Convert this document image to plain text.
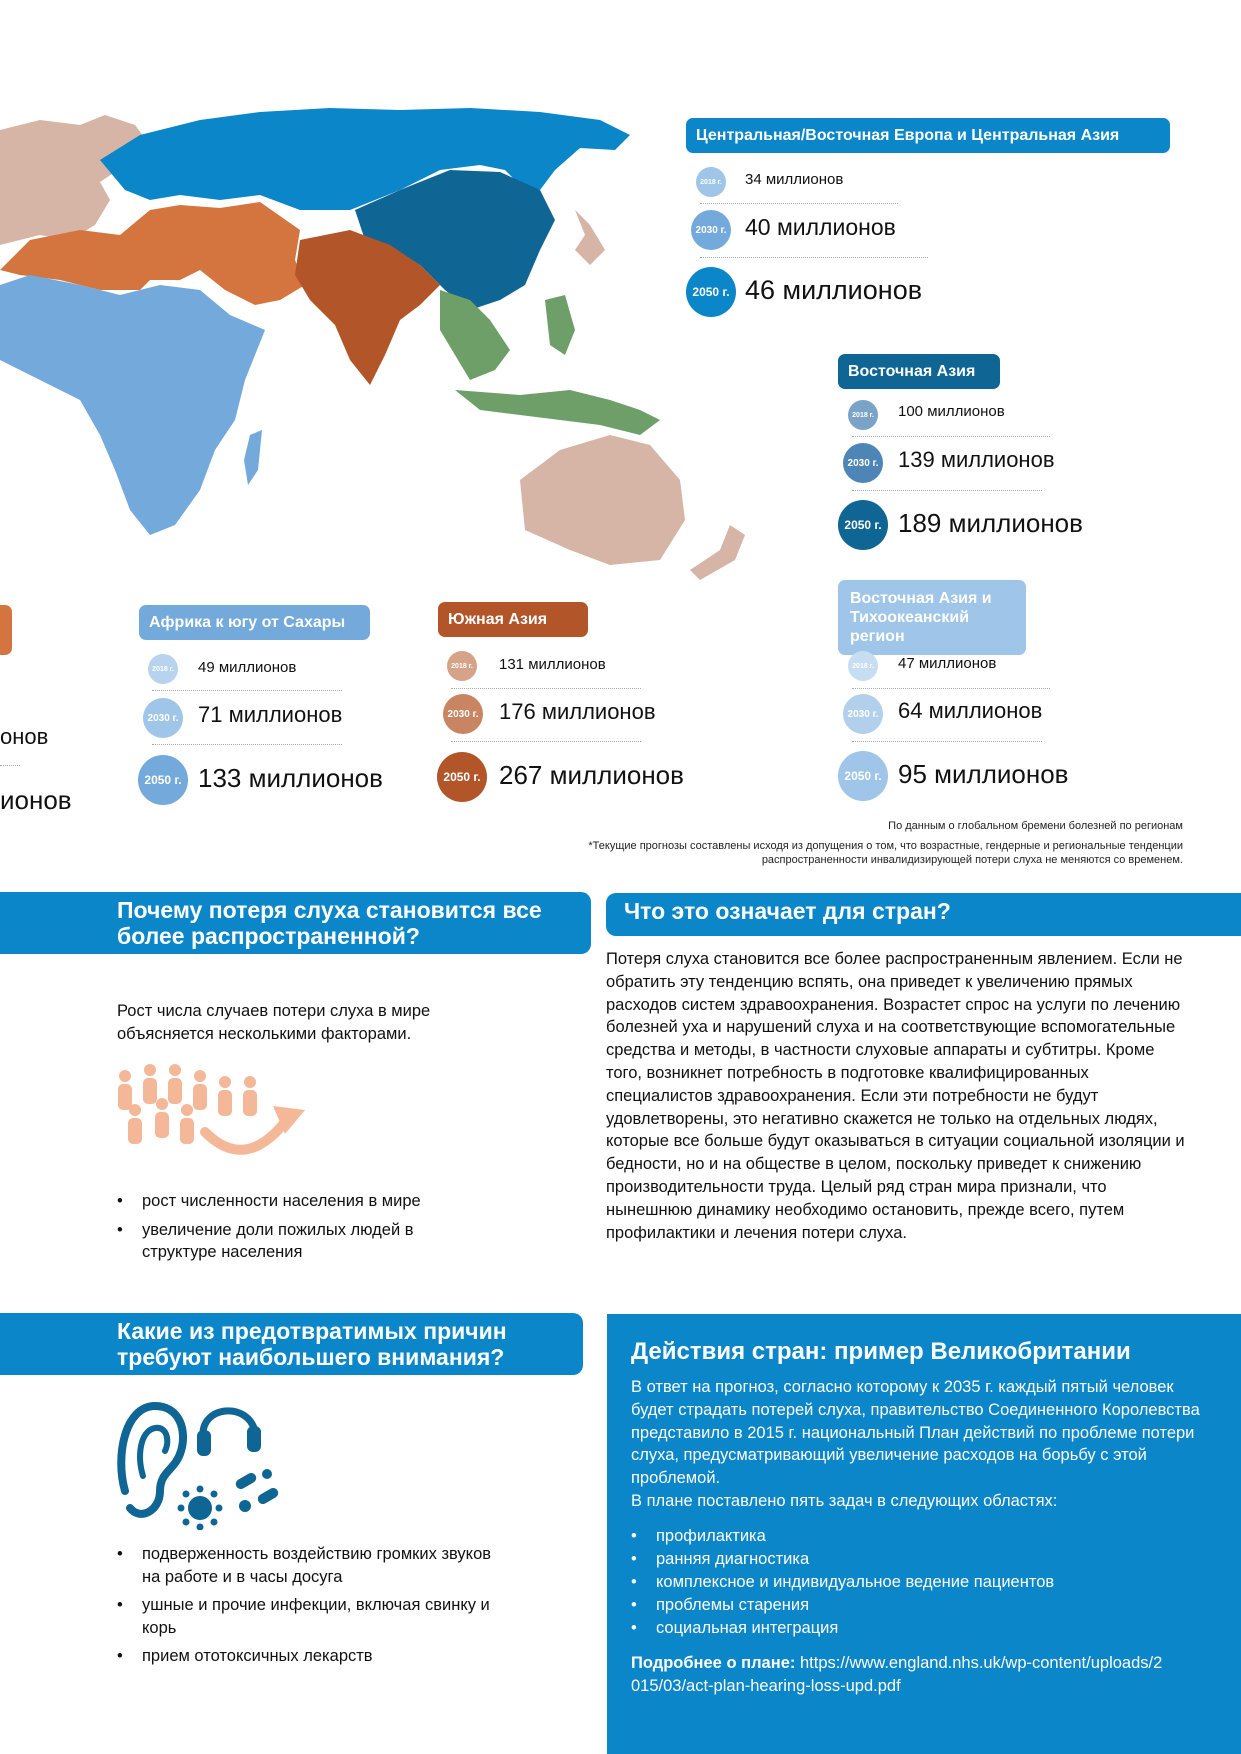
Центральная/Восточная Европа и Центральная Азия
2018 г. 34 миллионов
2030 г. 40 миллионов
2050 г. 46 миллионов
Восточная Азия
2018 г. 100 миллионов
2030 г. 139 миллионов
2050 г. 189 миллионов
Африка к югу от Сахары
2018 г. 49 миллионов
2030 г. 71 миллионов
2050 г. 133 миллионов
Южная Азия
2018 г. 131 миллионов
2030 г. 176 миллионов
2050 г. 267 миллионов
Восточная Азия и
Тихоокеанский регион
2018 г. 47 миллионов
2030 г. 64 миллионов
2050 г. 95 миллионов
онов
ионов
По данным о глобальном бремени болезней по регионам
*Текущие прогнозы составлены исходя из допущения о том, что возрастные, гендерные и региональные тенденции
распространенности инвалидизирующей потери слуха не меняются со временем.
Почему потеря слуха становится все
более распространенной?
Рост числа случаев потери слуха в мире
объясняется несколькими факторами.
• рост численности населения в мире
• увеличение доли пожилых людей в структуре населения
Какие из предотвратимых причин
требуют наибольшего внимания?
• подверженность воздействию громких звуков на работе и в часы досуга
• ушные и прочие инфекции, включая свинку и корь
• прием ототоксичных лекарств
Что это означает для стран?
Потеря слуха становится все более распространенным явлением. Если не обратить эту тенденцию вспять, она приведет к увеличению прямых расходов систем здравоохранения. Возрастет спрос на услуги по лечению болезней уха и нарушений слуха и на соответствующие вспомогательные средства и методы, в частности слуховые аппараты и субтитры. Кроме того, возникнет потребность в подготовке квалифицированных специалистов здравоохранения. Если эти потребности не будут удовлетворены, это негативно скажется не только на отдельных людях, которые все больше будут оказываться в ситуации социальной изоляции и бедности, но и на обществе в целом, поскольку приведет к снижению производительности труда. Целый ряд стран мира признали, что нынешнюю динамику необходимо остановить, прежде всего, путем профилактики и лечения потери слуха.
Действия стран: пример Великобритании
В ответ на прогноз, согласно которому к 2035 г. каждый пятый человек будет страдать потерей слуха, правительство Соединенного Королевства представило в 2015 г. национальный План действий по проблеме потери слуха, предусматривающий увеличение расходов на борьбу с этой проблемой.
В плане поставлено пять задач в следующих областях:
• профилактика
• ранняя диагностика
• комплексное и индивидуальное ведение пациентов
• проблемы старения
• социальная интеграция
Подробнее о плане: https://www.england.nhs.uk/wp-content/uploads/2015/03/act-plan-hearing-loss-upd.pdf
